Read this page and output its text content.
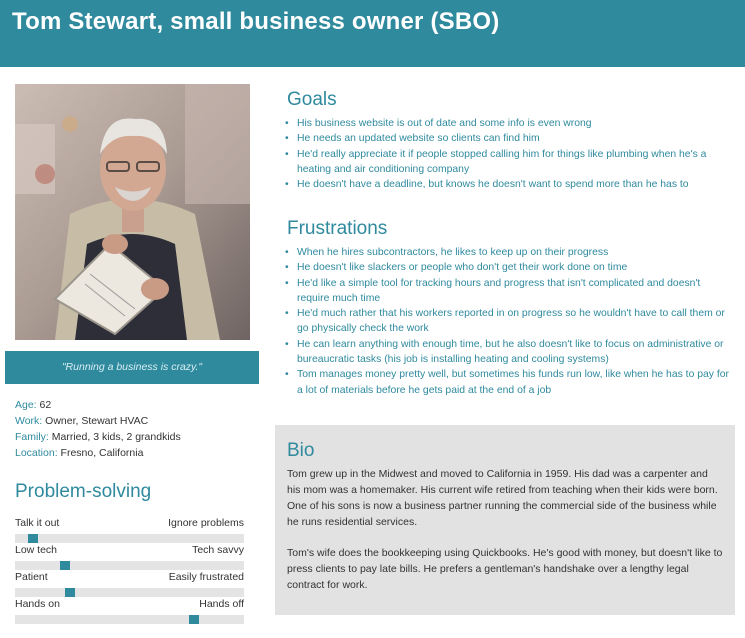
Tom Stewart, small business owner (SBO)
"Running a business is crazy."
Age: 62
Work: Owner, Stewart HVAC
Family: Married, 3 kids, 2 grandkids
Location: Fresno, California
Problem-solving
Talk it out	Ignore problems
Low tech	Tech savvy
Patient	Easily frustrated
Hands on	Hands off
Goals
• His business website is out of date and some info is even wrong
• He needs an updated website so clients can find him
• He'd really appreciate it if people stopped calling him for things like plumbing when he's a heating and air conditioning company
• He doesn't have a deadline, but knows he doesn't want to spend more than he has to
Frustrations
• When he hires subcontractors, he likes to keep up on their progress
• He doesn't like slackers or people who don't get their work done on time
• He'd like a simple tool for tracking hours and progress that isn't complicated and doesn't require much time
• He'd much rather that his workers reported in on progress so he wouldn't have to call them or go physically check the work
• He can learn anything with enough time, but he also doesn't like to focus on administrative or bureaucratic tasks (his job is installing heating and cooling systems)
• Tom manages money pretty well, but sometimes his funds run low, like when he has to pay for a lot of materials before he gets paid at the end of a job
Bio

Tom grew up in the Midwest and moved to California in 1959. His dad was a carpenter and his mom was a homemaker. His current wife retired from teaching when their kids were born. One of his sons is now a business partner running the commercial side of the business while he runs residential services.

Tom's wife does the bookkeeping using Quickbooks. He's good with money, but doesn't like to press clients to pay late bills. He prefers a gentleman's handshake over a lengthy legal contract for work.
